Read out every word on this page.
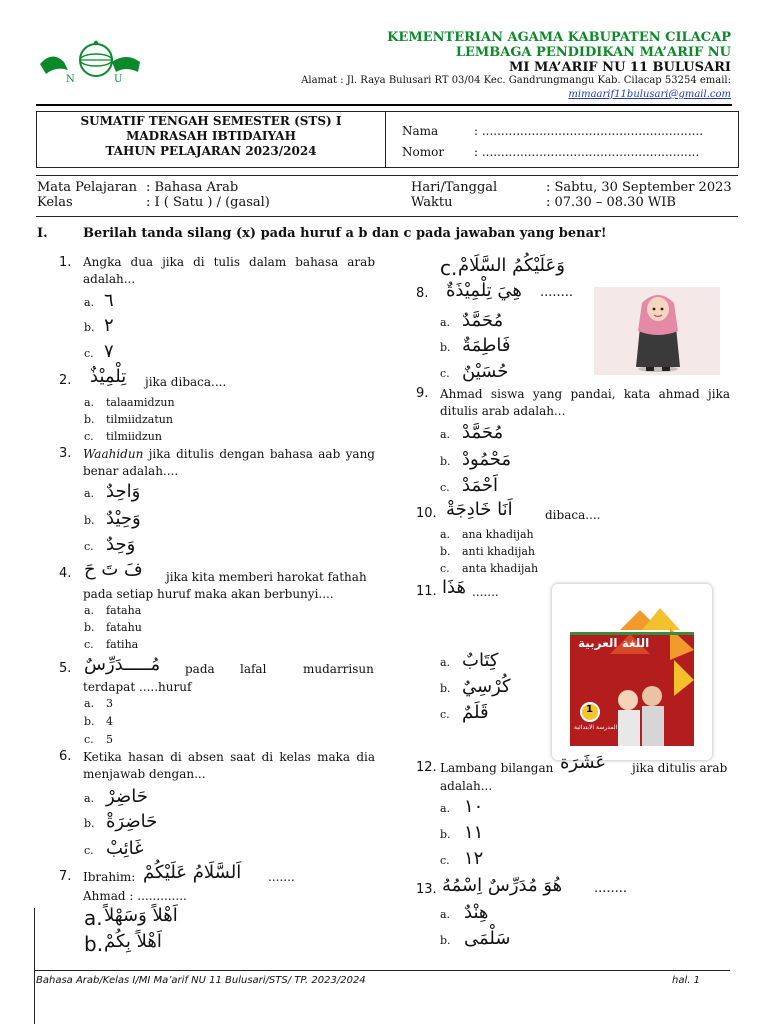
N	U
KEMENTERIAN AGAMA KABUPATEN CILACAP
LEMBAGA PENDIDIKAN MA’ARIF NU
MI MA’ARIF NU 11 BULUSARI
Alamat : Jl. Raya Bulusari RT 03/04 Kec. Gandrungmangu Kab. Cilacap 53254 email:
mimaarif11bulusari@gmail.com
SUMATIF TENGAH SEMESTER (STS) I
MADRASAH IBTIDAIYAH
TAHUN PELAJARAN 2023/2024
Nama	: ..........................................................
Nomor : .........................................................
Mata Pelajaran : Bahasa Arab
Kelas	: I ( Satu ) / (gasal)
Hari/Tanggal	: Sabtu, 30 September 2023
Waktu	: 07.30 – 08.30 WIB
I.	Berilah tanda silang (x) pada huruf a b dan c pada jawaban yang benar!
1. Angka dua jika di tulis dalam bahasa arab adalah...
a. ٦
b. ٢
c. ٧
2. تِلْمِيْذٌ jika dibaca....
a. talaamidzun
b. tilmiidzatun
c. tilmiidzun
3. Waahidun jika ditulis dengan bahasa aab yang benar adalah....
a. وَاحِدٌ
b. وَحِيْدٌ
c. وَحِدٌ
4. فَ تَ حَ jika kita memberi harokat fathah
pada setiap huruf maka akan berbunyi....
a. fataha
b. fatahu
c. fatiha
5. مُـــــدَرِّسٌ pada lafal	mudarrisun
terdapat .....huruf
a. 3
b. 4
c. 5
6. Ketika hasan di absen saat di kelas maka dia menjawab dengan...
a. حَاضِرْ
b. حَاضِرَةْ
c. غَائِبْ
7. Ibrahim: اَلسَّلَامُ عَلَيْكُمْ .......
Ahmad : .............
a. اَهْلاً وَسَهْلاً
b. اَهْلاً بِكُمْ
c. وَعَلَيْكُمُ السَّلَامْ
8. هِيَ تِلْمِيْذَةٌ ........
a. مُحَمَّدٌ
b. فَاطِمَةٌ
c. حُسَيْنٌ
9. Ahmad siswa yang pandai, kata ahmad jika ditulis arab adalah...
a. مُحَمَّدْ
b. مَحْمُودْ
c. اَحْمَدْ
10. اَنَا خَادِجَةْ	dibaca....
a. ana khadijah
b. anti khadijah
c. anta khadijah
11. هَذَا .......
a. كِتَابٌ
b. كُرْسِيٌ
c. قَلَمٌ
اللغة العربية
1
المدرسة الابتدائية
12. Lambang bilangan عَشَرَة jika ditulis arab
adalah...
a. ١٠
b. ١١
c. ١٢
13. هُوَ مُدَرِّسٌ اِسْمُهُ ........
a. هِنْدٌ
b. سَلْمَى
Bahasa Arab/Kelas I/MI Ma’arif NU 11 Bulusari/STS/ TP. 2023/2024	hal. 1
